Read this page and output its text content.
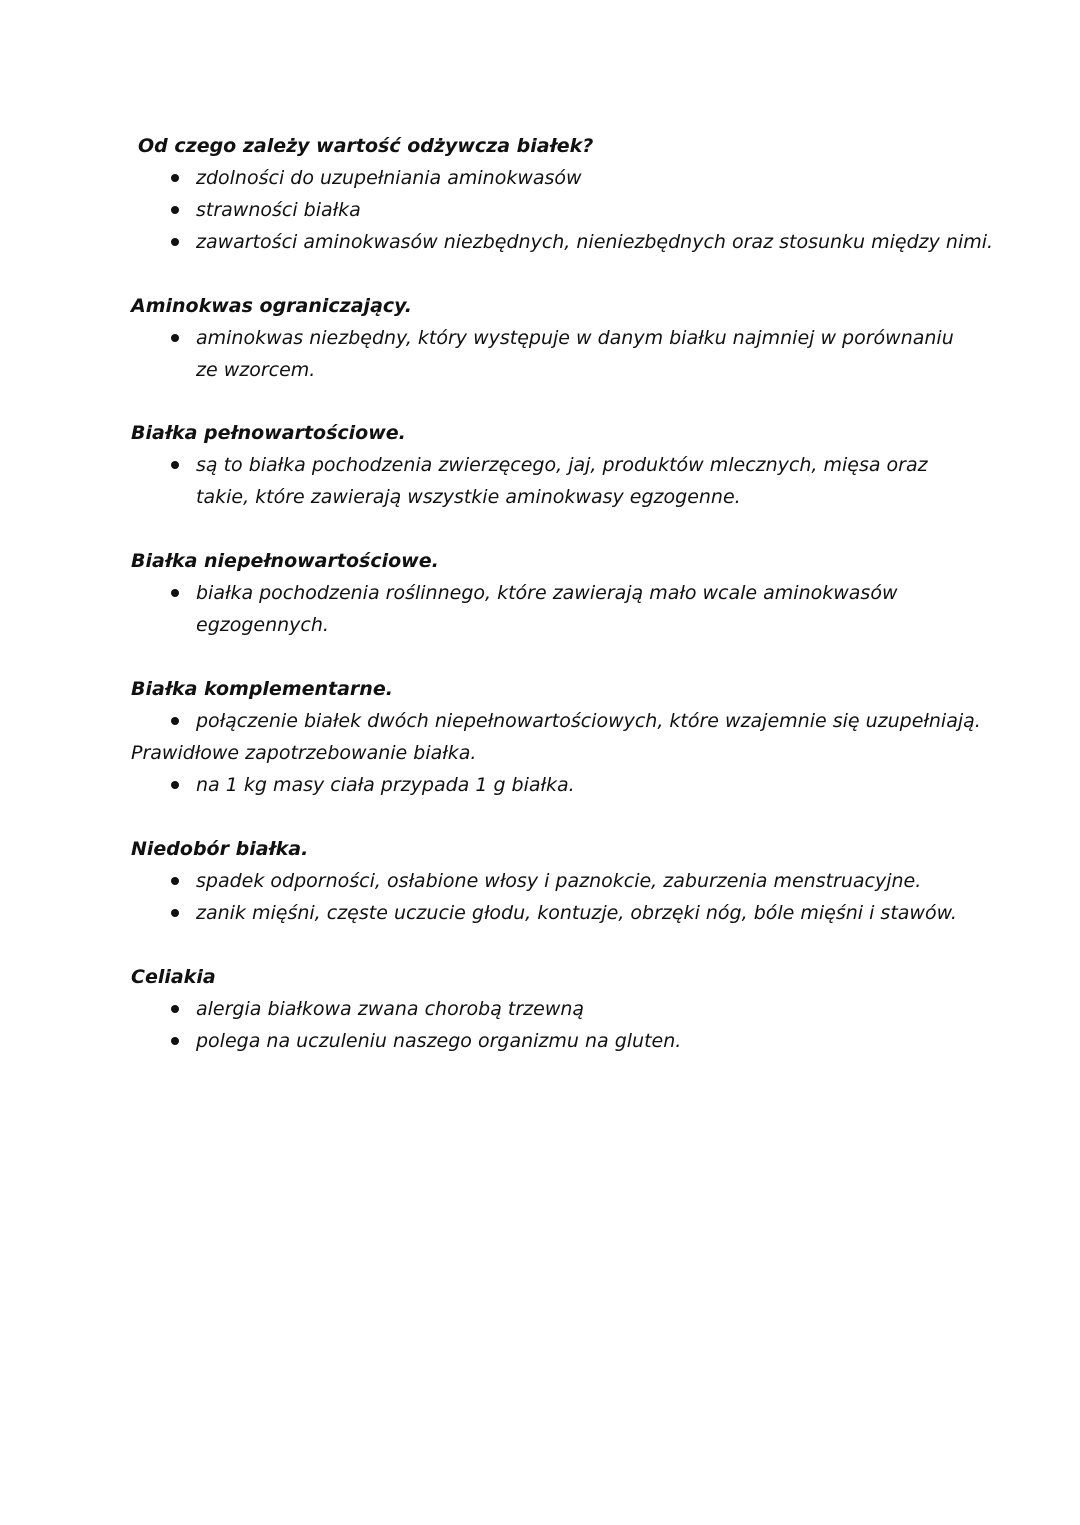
Od czego zależy wartość odżywcza białek?
zdolności do uzupełniania aminokwasów
strawności białka
zawartości aminokwasów niezbędnych, nieniezbędnych oraz stosunku między nimi.
Aminokwas ograniczający.
aminokwas niezbędny, który występuje w danym białku najmniej w porównaniu ze wzorcem.
Białka pełnowartościowe.
są to białka pochodzenia zwierzęcego, jaj, produktów mlecznych, mięsa oraz takie, które zawierają wszystkie aminokwasy egzogenne.
Białka niepełnowartościowe.
białka pochodzenia roślinnego, które zawierają mało wcale aminokwasów egzogennych.
Białka komplementarne.
połączenie białek dwóch niepełnowartościowych, które wzajemnie się uzupełniają.
Prawidłowe zapotrzebowanie białka.
na 1 kg masy ciała przypada 1 g białka.
Niedobór białka.
spadek odporności, osłabione włosy i paznokcie, zaburzenia menstruacyjne.
zanik mięśni, częste uczucie głodu, kontuzje, obrzęki nóg, bóle mięśni i stawów.
Celiakia
alergia białkowa zwana chorobą trzewną
polega na uczuleniu naszego organizmu na gluten.
